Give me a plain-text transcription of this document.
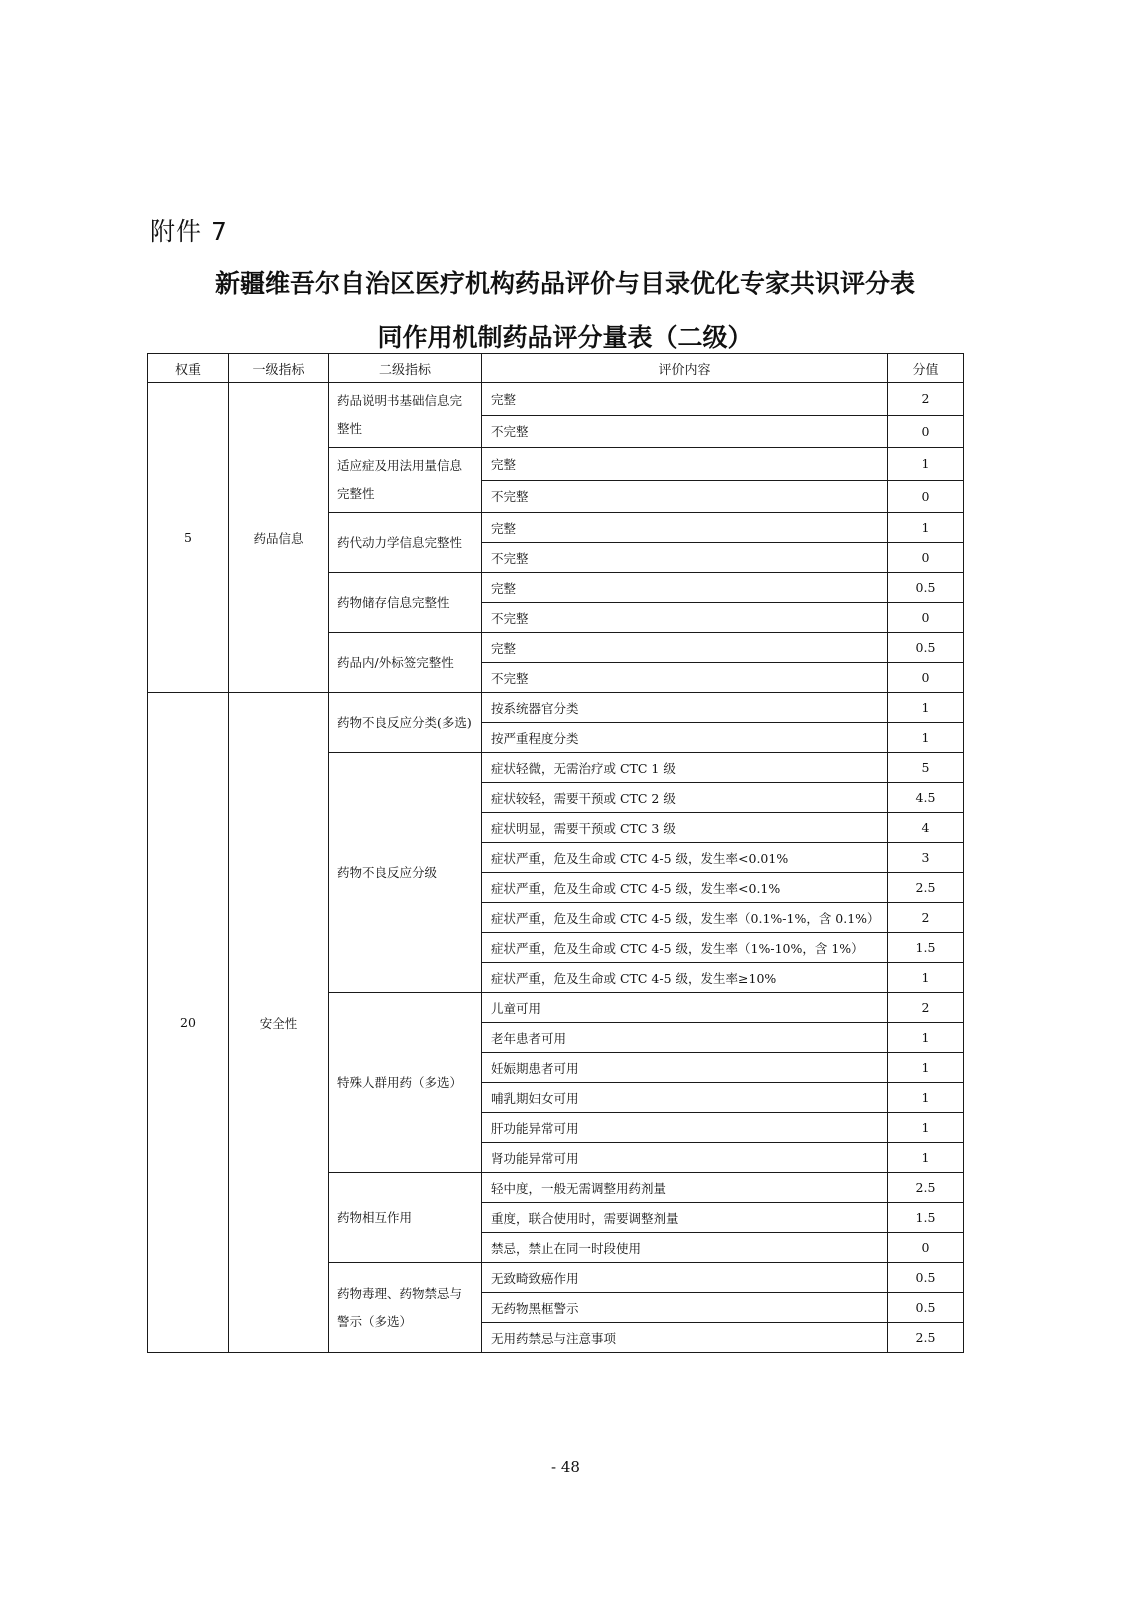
附件 7
新疆维吾尔自治区医疗机构药品评价与目录优化专家共识评分表
同作用机制药品评分量表（二级）
权重	一级指标	二级指标	评价内容	分值
5	药品信息	药品说明书基础信息完整性	完整	2
			不完整	0
		适应症及用法用量信息完整性	完整	1
			不完整	0
		药代动力学信息完整性	完整	1
			不完整	0
		药物储存信息完整性	完整	0.5
			不完整	0
		药品内/外标签完整性	完整	0.5
			不完整	0
20	安全性	药物不良反应分类(多选)	按系统器官分类	1
			按严重程度分类	1
		药物不良反应分级	症状轻微，无需治疗或 CTC 1 级	5
			症状较轻，需要干预或 CTC 2 级	4.5
			症状明显，需要干预或 CTC 3 级	4
			症状严重，危及生命或 CTC 4-5 级，发生率<0.01%	3
			症状严重，危及生命或 CTC 4-5 级，发生率<0.1%	2.5
			症状严重，危及生命或 CTC 4-5 级，发生率（0.1%-1%，含 0.1%）	2
			症状严重，危及生命或 CTC 4-5 级，发生率（1%-10%，含 1%）	1.5
			症状严重，危及生命或 CTC 4-5 级，发生率≥10%	1
		特殊人群用药（多选）	儿童可用	2
			老年患者可用	1
			妊娠期患者可用	1
			哺乳期妇女可用	1
			肝功能异常可用	1
			肾功能异常可用	1
		药物相互作用	轻中度，一般无需调整用药剂量	2.5
			重度，联合使用时，需要调整剂量	1.5
			禁忌，禁止在同一时段使用	0
		药物毒理、药物禁忌与警示（多选）	无致畸致癌作用	0.5
			无药物黑框警示	0.5
			无用药禁忌与注意事项	2.5
- 48
